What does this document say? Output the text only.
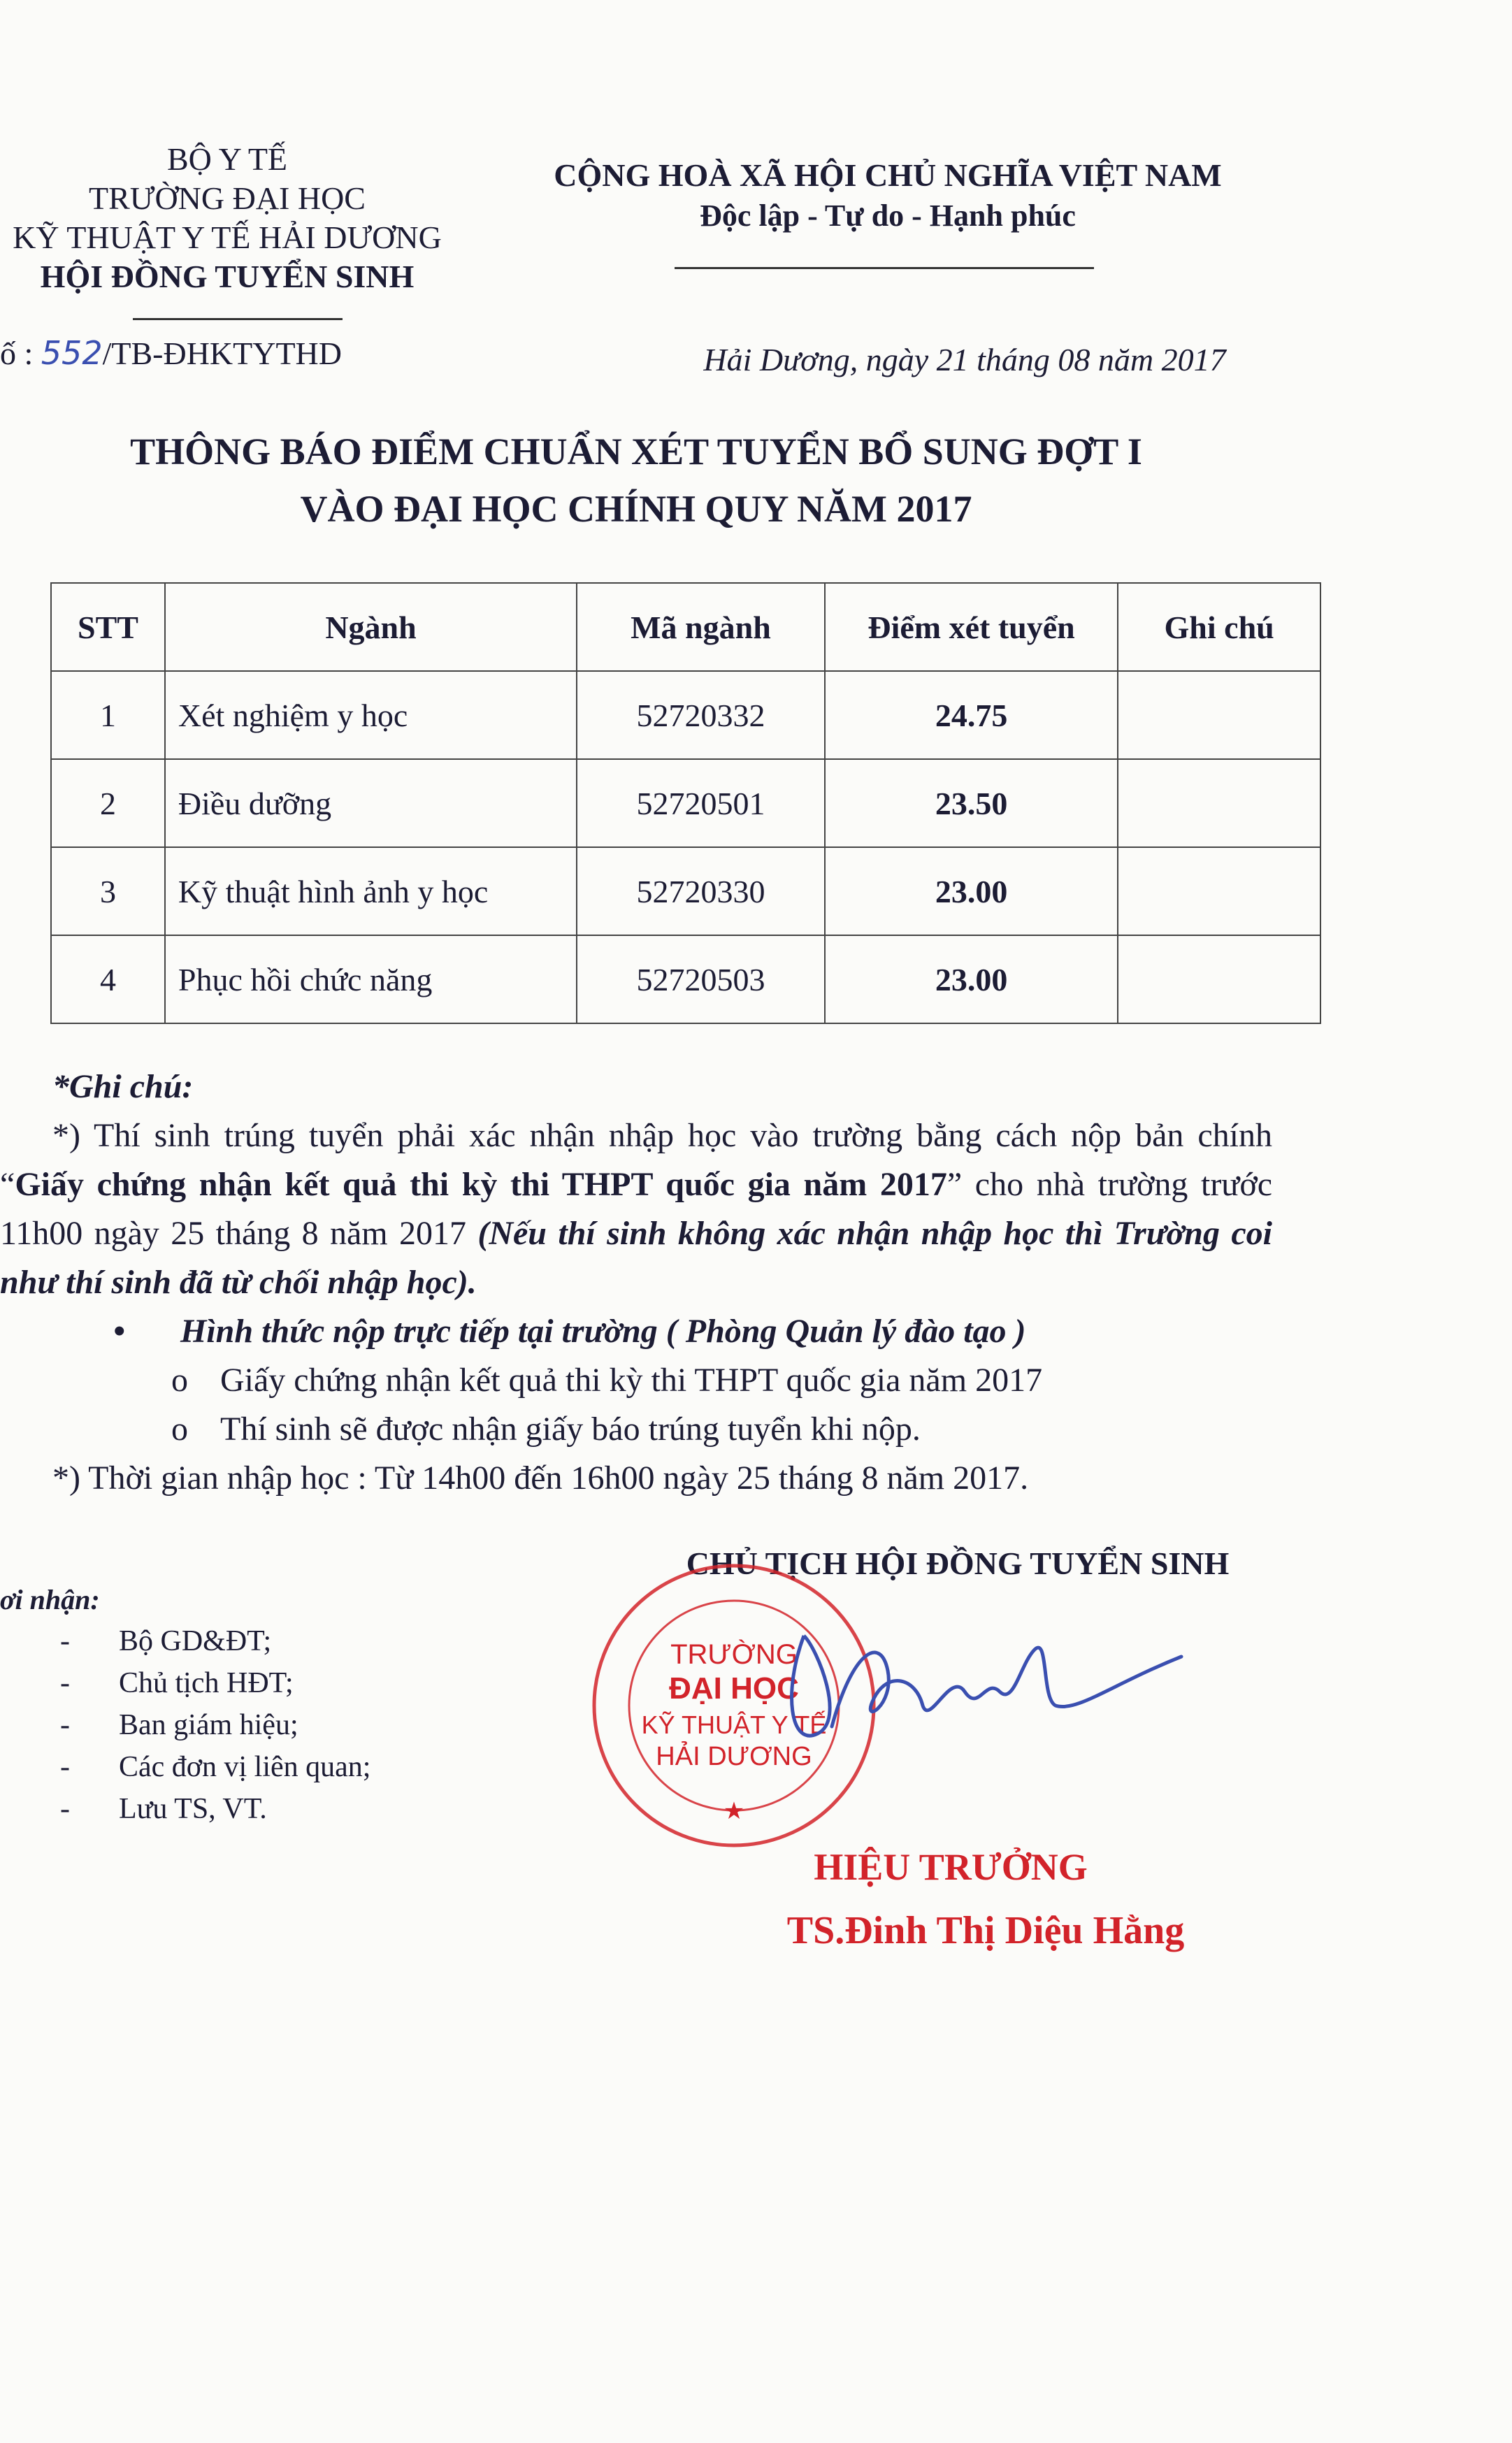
BỘ Y TẾ
TRƯỜNG ĐẠI HỌC
KỸ THUẬT Y TẾ HẢI DƯƠNG
HỘI ĐỒNG TUYỂN SINH
ố : 552/TB-ĐHKTYTHD
CỘNG HOÀ XÃ HỘI CHỦ NGHĨA VIỆT NAM
Độc lập - Tự do - Hạnh phúc
Hải Dương, ngày 21 tháng 08 năm 2017
THÔNG BÁO ĐIỂM CHUẨN XÉT TUYỂN BỔ SUNG ĐỢT I
VÀO ĐẠI HỌC CHÍNH QUY NĂM 2017
STT	Ngành	Mã ngành	Điểm xét tuyển	Ghi chú
1	Xét nghiệm y học	52720332	24.75	
2	Điều dưỡng	52720501	23.50	
3	Kỹ thuật hình ảnh y học	52720330	23.00	
4	Phục hồi chức năng	52720503	23.00	
*Ghi chú:
*) Thí sinh trúng tuyển phải xác nhận nhập học vào trường bằng cách nộp bản chính “Giấy chứng nhận kết quả thi kỳ thi THPT quốc gia năm 2017” cho nhà trường trước 11h00 ngày 25 tháng 8 năm 2017 (Nếu thí sinh không xác nhận nhập học thì Trường coi như thí sinh đã từ chối nhập học).
• Hình thức nộp trực tiếp tại trường ( Phòng Quản lý đào tạo )
o Giấy chứng nhận kết quả thi kỳ thi THPT quốc gia năm 2017
o Thí sinh sẽ được nhận giấy báo trúng tuyển khi nộp.
*) Thời gian nhập học : Từ 14h00 đến 16h00 ngày 25 tháng 8 năm 2017.
CHỦ TỊCH HỘI ĐỒNG TUYỂN SINH
ơi nhận:
-	Bộ GD&ĐT;
-	Chủ tịch HĐT;
-	Ban giám hiệu;
-	Các đơn vị liên quan;
-	Lưu TS, VT.
TRƯỜNG
ĐẠI HỌC
KỸ THUẬT Y TẾ
HẢI DƯƠNG
★
HIỆU TRƯỞNG
TS.Đinh Thị Diệu Hằng
